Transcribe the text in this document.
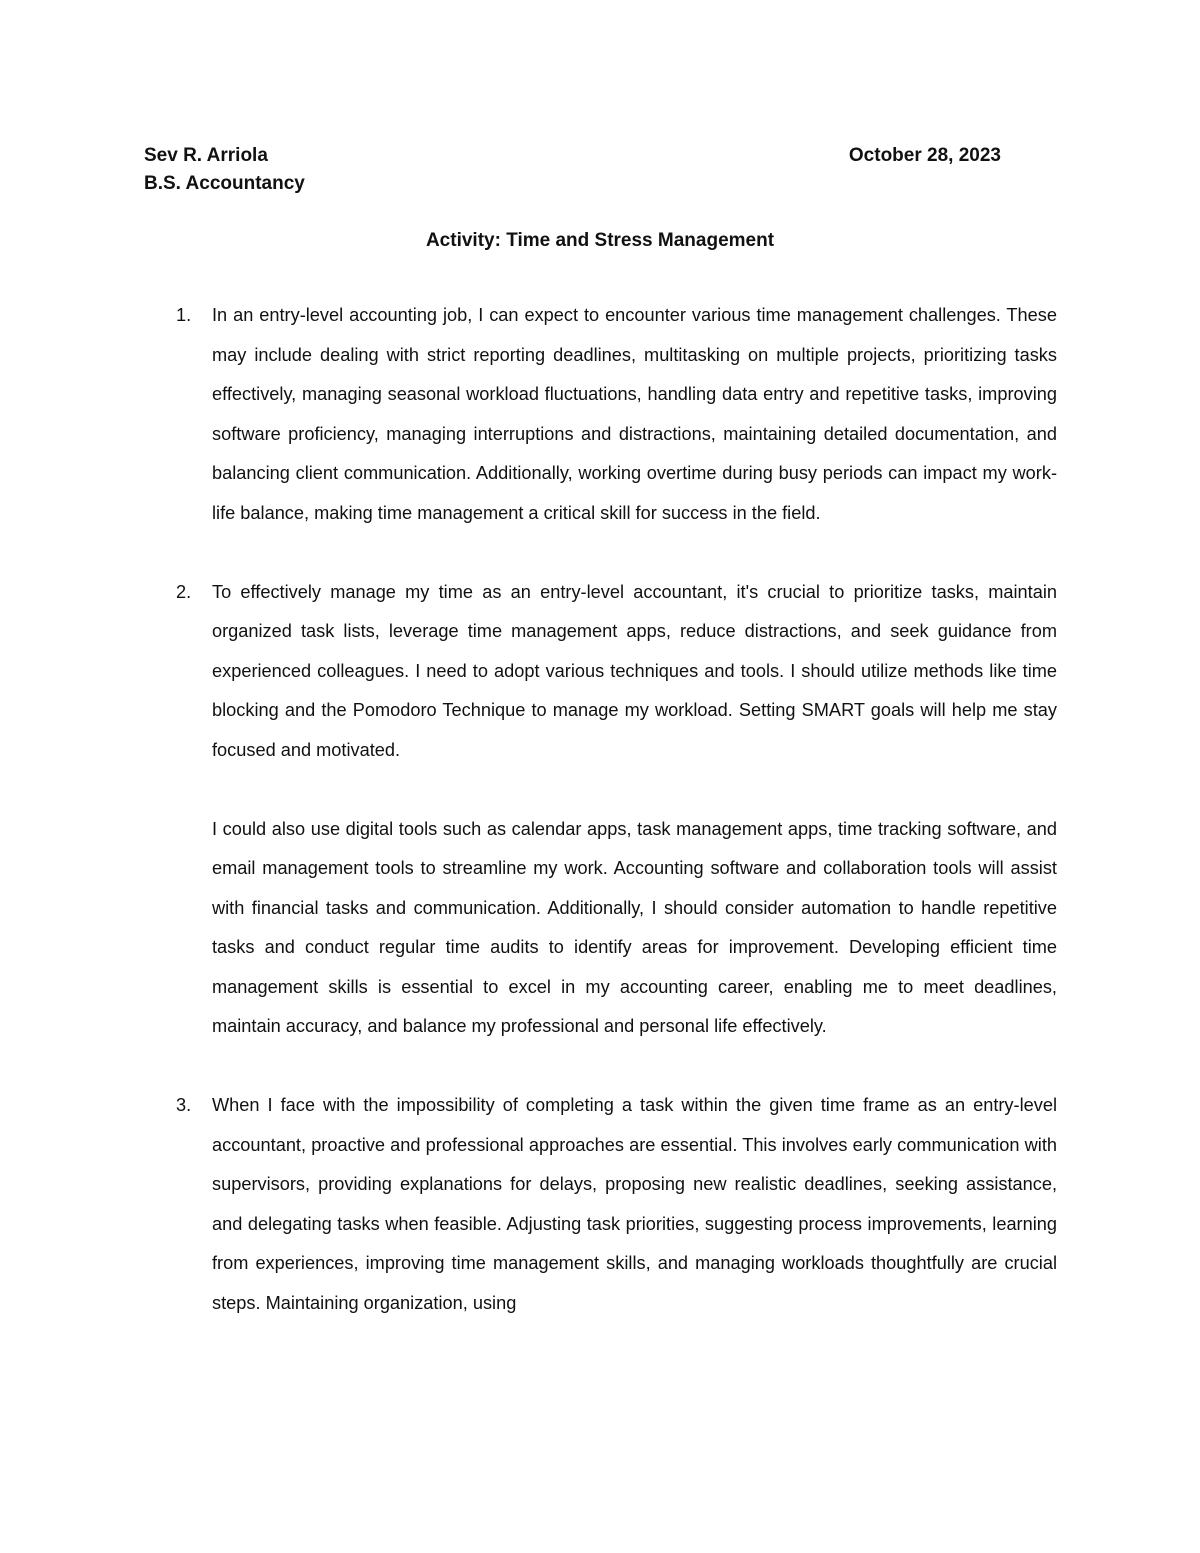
Sev R. Arriola
B.S. Accountancy
October 28, 2023
Activity: Time and Stress Management
1. In an entry-level accounting job, I can expect to encounter various time management challenges. These may include dealing with strict reporting deadlines, multitasking on multiple projects, prioritizing tasks effectively, managing seasonal workload fluctuations, handling data entry and repetitive tasks, improving software proficiency, managing interruptions and distractions, maintaining detailed documentation, and balancing client communication. Additionally, working overtime during busy periods can impact my work-life balance, making time management a critical skill for success in the field.

2. To effectively manage my time as an entry-level accountant, it's crucial to prioritize tasks, maintain organized task lists, leverage time management apps, reduce distractions, and seek guidance from experienced colleagues. I need to adopt various techniques and tools. I should utilize methods like time blocking and the Pomodoro Technique to manage my workload. Setting SMART goals will help me stay focused and motivated.

I could also use digital tools such as calendar apps, task management apps, time tracking software, and email management tools to streamline my work. Accounting software and collaboration tools will assist with financial tasks and communication. Additionally, I should consider automation to handle repetitive tasks and conduct regular time audits to identify areas for improvement. Developing efficient time management skills is essential to excel in my accounting career, enabling me to meet deadlines, maintain accuracy, and balance my professional and personal life effectively.

3. When I face with the impossibility of completing a task within the given time frame as an entry-level accountant, proactive and professional approaches are essential. This involves early communication with supervisors, providing explanations for delays, proposing new realistic deadlines, seeking assistance, and delegating tasks when feasible. Adjusting task priorities, suggesting process improvements, learning from experiences, improving time management skills, and managing workloads thoughtfully are crucial steps. Maintaining organization, using
